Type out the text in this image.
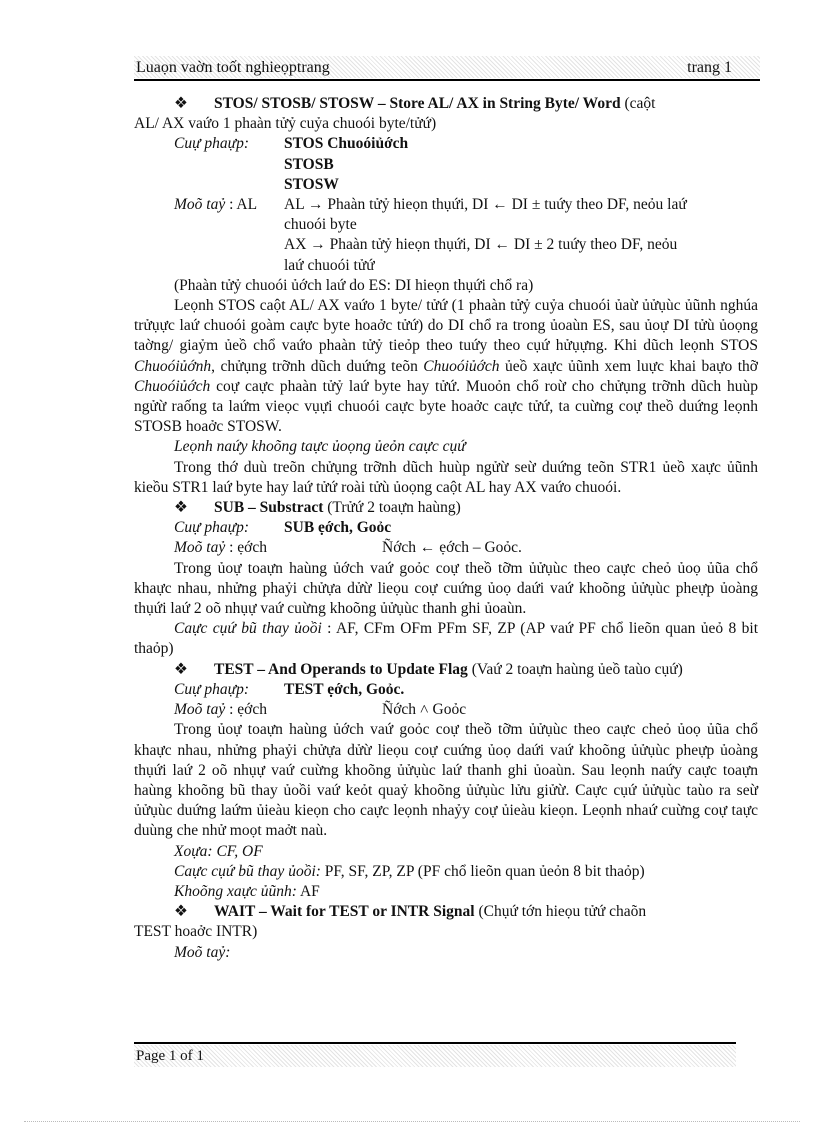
Luaọn vaờn toốt nghieọptrang	trang 1

❖ STOS/ STOSB/ STOSW – Store AL/ AX in String Byte/ Word (caột

AL/ AX vaứo 1 phaàn tửỷ cuỷa chuoói byte/tửứ)

Cuự phaựp:	STOS Chuoóiủớch

STOSB

STOSW

Moõ taỷ : AL	AL → Phaàn tửỷ hieọn thụứi, DI ← DI ± tuứy theo DF, neỏu laứ

chuoói byte

AX → Phaàn tửỷ hieọn thụứi, DI ← DI ± 2 tuứy theo DF, neỏu

laứ chuoói tửứ

(Phaàn tửỷ chuoói ủớch laứ do ES: DI hieọn thụứi chổ ra)

Leọnh STOS caột AL/ AX vaứo 1 byte/ tửứ (1 phaàn tửỷ cuỷa chuoói ủaừ ủửụùc ủũnh nghúa trửụực laứ chuoói goàm caực byte hoaởc tửứ) do DI chổ ra trong ủoaùn ES, sau ủoự DI tửù ủoọng taờng/ giaỷm ủeồ chổ vaứo phaàn tửỷ tieỏp theo tuứy theo cụứ hửụựng. Khi dũch leọnh STOS Chuoóiủớnh, chửụng trỡnh dũch duứng teõn Chuoóiủớch ủeồ xaực ủũnh xem luực khai baựo thỡ Chuoóiủớch coự caực phaàn tửỷ laứ byte hay tửứ. Muoỏn chổ roừ cho chửụng trỡnh dũch huùp ngửừ raống ta laứm vieọc vụựi chuoói caực byte hoaởc caực tửứ, ta cuừng coự theồ duứng leọnh STOSB hoaởc STOSW.

Leọnh naứy khoõng taực ủoọng ủeỏn caực cụứ

Trong thớ duù treõn chửụng trỡnh dũch huùp ngửừ seừ duứng teõn STR1 ủeồ xaực ủũnh kieồu STR1 laứ byte hay laứ tửứ roài tửù ủoọng caột AL hay AX vaứo chuoói.

❖ SUB – Substract (Trửứ 2 toaựn haùng)

Cuự phaựp:	SUB ẹớch, Goỏc
Moõ taỷ : ẹớch	Ñớch ← ẹớch – Goỏc.

Trong ủoự toaựn haùng ủớch vaứ goỏc coự theồ tỡm ủửụùc theo caực cheỏ ủoọ ủũa chổ khaực nhau, nhửng phaỷi chửựa dửừ lieọu coự cuứng ủoọ daứi vaứ khoõng ủửụùc pheựp ủoàng thụứi laứ 2 oõ nhụự vaứ cuừng khoõng ủửụùc thanh ghi ủoaùn.

Caực cụứ bũ thay ủoồi : AF, CFm OFm PFm SF, ZP (AP vaứ PF chổ lieõn quan ủeỏ 8 bit thaỏp)

❖ TEST – And Operands to Update Flag (Vaứ 2 toaựn haùng ủeồ taùo cụứ)

Cuự phaựp:	TEST ẹớch, Goỏc.
Moõ taỷ : ẹớch	Ñớch ˄ Goỏc

Trong ủoự toaựn haùng ủớch vaứ goỏc coự theồ tỡm ủửụùc theo caực cheỏ ủoọ ủũa chổ khaực nhau, nhửng phaỷi chửựa dửừ lieọu coự cuứng ủoọ daứi vaứ khoõng ủửụùc pheựp ủoàng thụứi laứ 2 oõ nhụự vaứ cuừng khoõng ủửụùc laứ thanh ghi ủoaùn. Sau leọnh naứy caực toaựn haùng khoõng bũ thay ủoồi vaứ keỏt quaỷ khoõng ủửụùc lửu giửừ. Caực cụứ ủửụùc taùo ra seừ ủửụùc duứng laứm ủieàu kieọn cho caực leọnh nhaỷy coự ủieàu kieọn. Leọnh nhaứ cuừng coự taực duùng che nhử moọt maởt naù.

Xoựa: CF, OF

Caực cụứ bũ thay ủoồi: PF, SF, ZP, ZP (PF chổ lieõn quan ủeỏn 8 bit thaỏp)

Khoõng xaực ủũnh: AF

❖ WAIT – Wait for TEST or INTR Signal (Chụứ tớn hieọu tửứ chaõn

TEST hoaởc INTR)

Moõ taỷ:

Page 1 of 1
